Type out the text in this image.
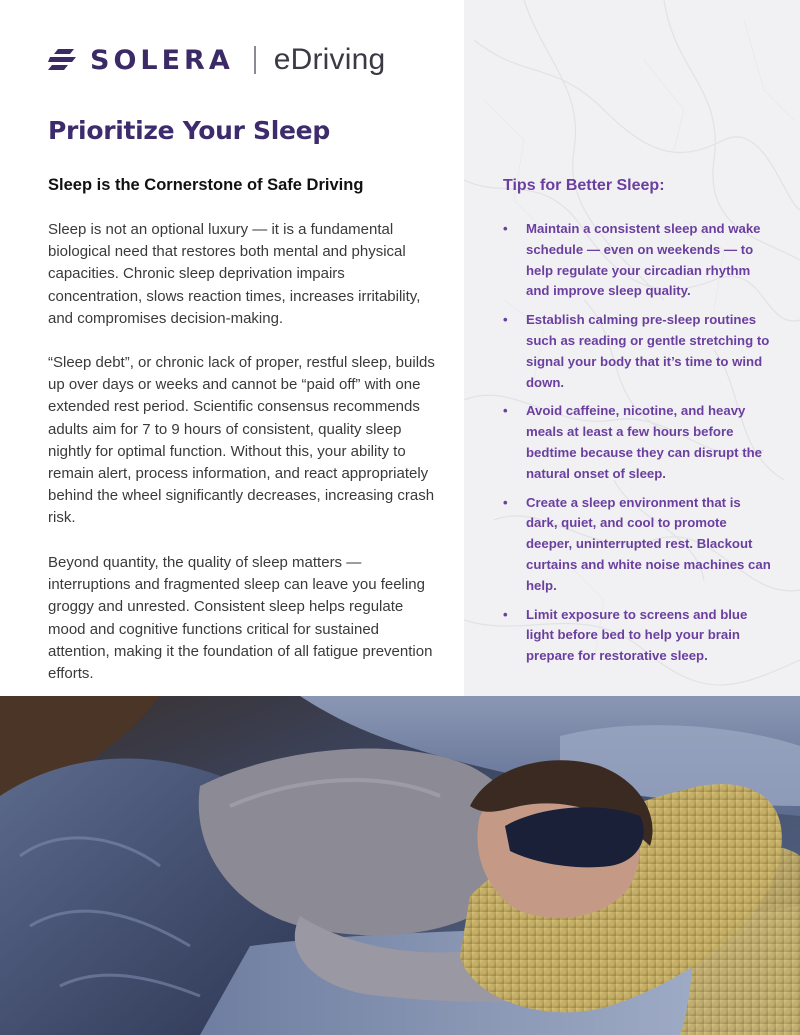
SOLERA eDriving
Prioritize Your Sleep
Sleep is the Cornerstone of Safe Driving

Sleep is not an optional luxury — it is a fundamental biological need that restores both mental and physical capacities. Chronic sleep deprivation impairs concentration, slows reaction times, increases irritability, and compromises decision-making.

“Sleep debt”, or chronic lack of proper, restful sleep, builds up over days or weeks and cannot be “paid off” with one extended rest period. Scientific consensus recommends adults aim for 7 to 9 hours of consistent, quality sleep nightly for optimal function. Without this, your ability to remain alert, process information, and react appropriately behind the wheel significantly decreases, increasing crash risk.

Beyond quantity, the quality of sleep matters — interruptions and fragmented sleep can leave you feeling groggy and unrested. Consistent sleep helps regulate mood and cognitive functions critical for sustained attention, making it the foundation of all fatigue prevention efforts.

Tips for Better Sleep:
• Maintain a consistent sleep and wake schedule — even on weekends — to help regulate your circadian rhythm and improve sleep quality.
• Establish calming pre-sleep routines such as reading or gentle stretching to signal your body that it’s time to wind down.
• Avoid caffeine, nicotine, and heavy meals at least a few hours before bedtime because they can disrupt the natural onset of sleep.
• Create a sleep environment that is dark, quiet, and cool to promote deeper, uninterrupted rest. Blackout curtains and white noise machines can help.
• Limit exposure to screens and blue light before bed to help your brain prepare for restorative sleep.
